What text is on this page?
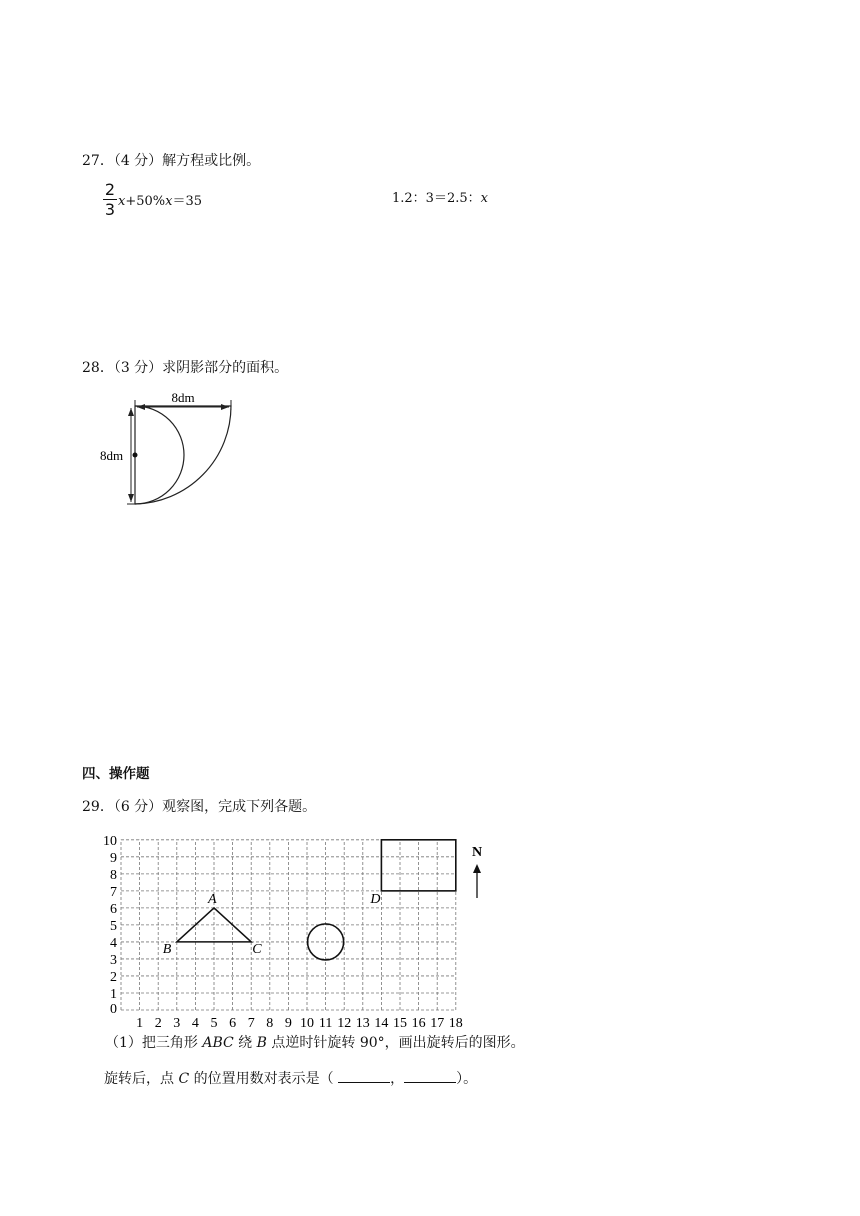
27．（4 分）解方程或比例。
2
3 x+50%x＝35	1.2：3＝2.5：x
28．（3 分）求阴影部分的面积。
8dm
8dm
四、操作题
29．（6 分）观察图，完成下列各题。
10
9
8
7
6
5
4
3
2
1
0
1 2 3 4 5 6 7 8 9 10 11 12 13 14 15 16 17 18
A
B	C
D
N
（1）把三角形 ABC 绕 B 点逆时针旋转 90°，画出旋转后的图形。
旋转后，点 C 的位置用数对表示是（	，	）。
